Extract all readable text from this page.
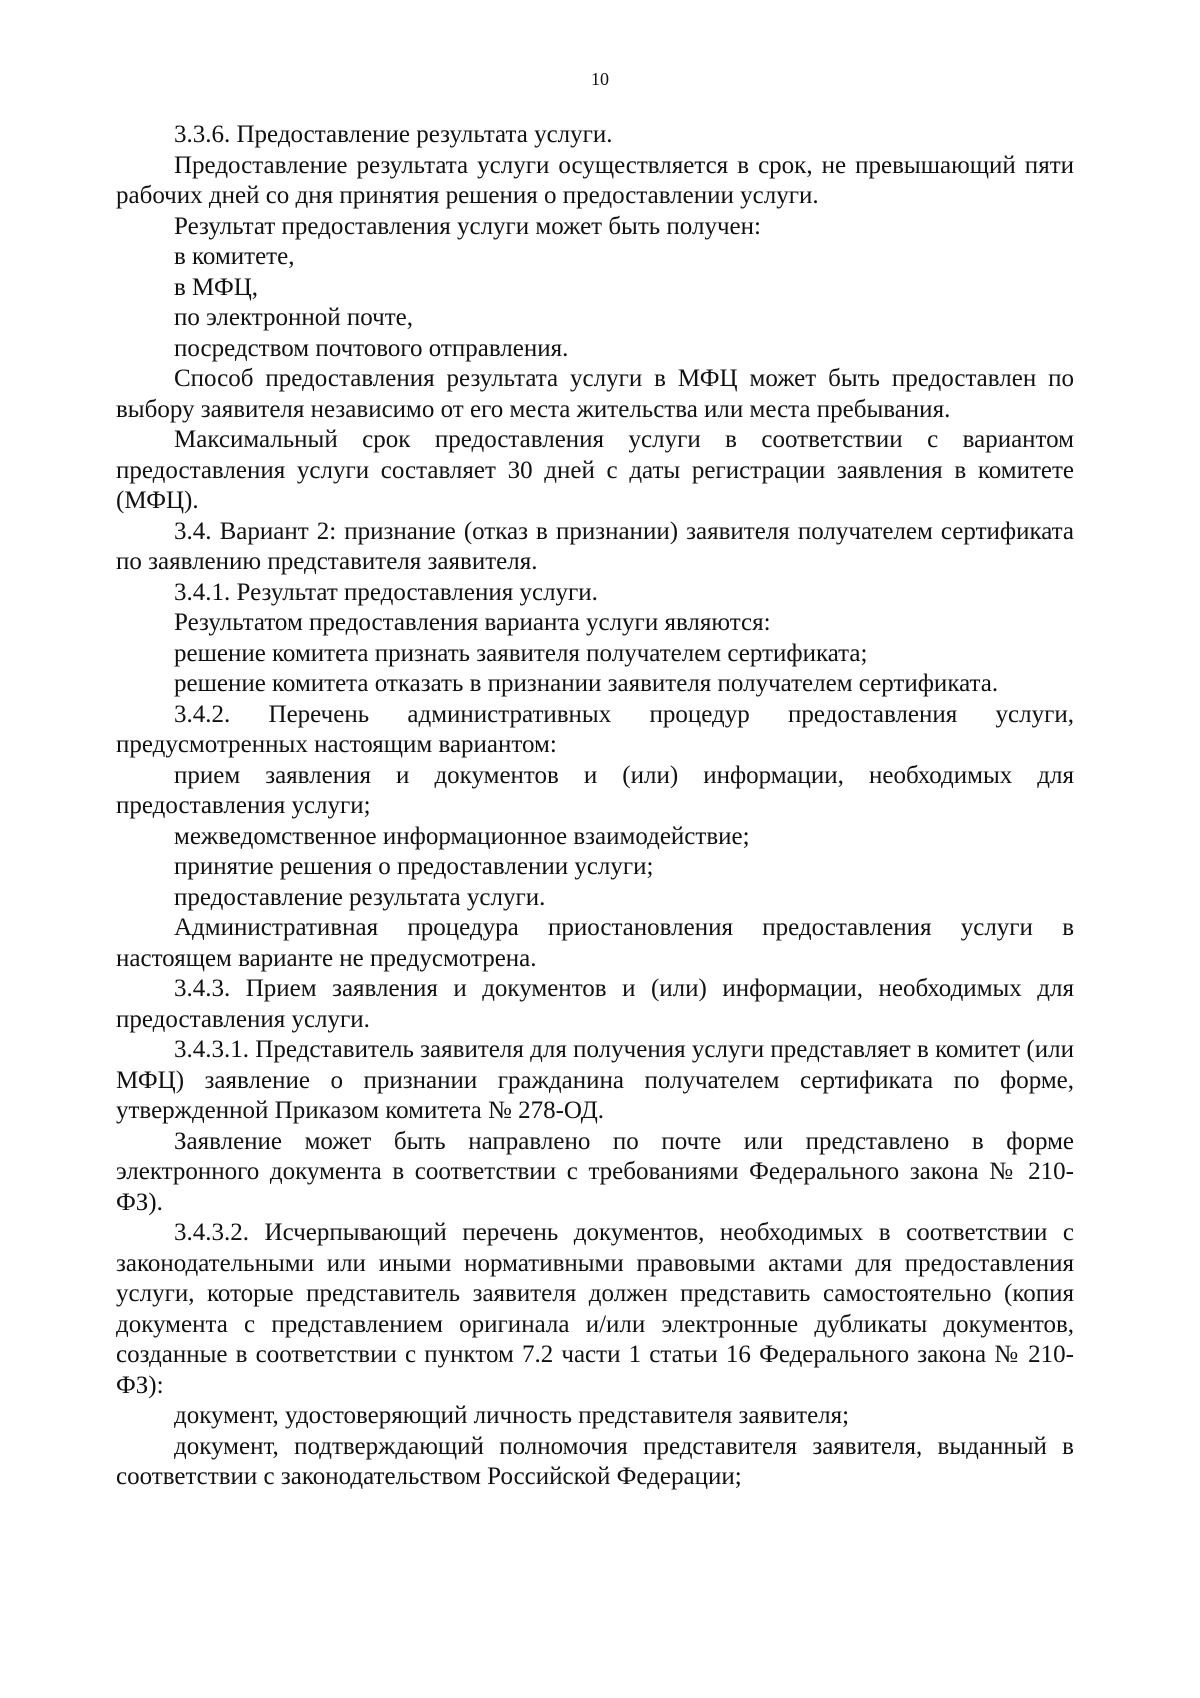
10

3.3.6. Предоставление результата услуги.

Предоставление результата услуги осуществляется в срок, не превышающий пяти рабочих дней со дня принятия решения о предоставлении услуги.

Результат предоставления услуги может быть получен:

в комитете,

в МФЦ,

по электронной почте,

посредством почтового отправления.

Способ предоставления результата услуги в МФЦ может быть предоставлен по выбору заявителя независимо от его места жительства или места пребывания.

Максимальный срок предоставления услуги в соответствии с вариантом предоставления услуги составляет 30 дней с даты регистрации заявления в комитете (МФЦ).

3.4. Вариант 2: признание (отказ в признании) заявителя получателем сертификата по заявлению представителя заявителя.

3.4.1. Результат предоставления услуги.

Результатом предоставления варианта услуги являются:

решение комитета признать заявителя получателем сертификата;

решение комитета отказать в признании заявителя получателем сертификата.

3.4.2. Перечень административных процедур предоставления услуги, предусмотренных настоящим вариантом:

прием заявления и документов и (или) информации, необходимых для предоставления услуги;

межведомственное информационное взаимодействие;

принятие решения о предоставлении услуги;

предоставление результата услуги.

Административная процедура приостановления предоставления услуги в настоящем варианте не предусмотрена.

3.4.3. Прием заявления и документов и (или) информации, необходимых для предоставления услуги.

3.4.3.1. Представитель заявителя для получения услуги представляет в комитет (или МФЦ) заявление о признании гражданина получателем сертификата по форме, утвержденной Приказом комитета № 278-ОД.

Заявление может быть направлено по почте или представлено в форме электронного документа в соответствии с требованиями Федерального закона № 210-ФЗ).

3.4.3.2. Исчерпывающий перечень документов, необходимых в соответствии с законодательными или иными нормативными правовыми актами для предоставления услуги, которые представитель заявителя должен представить самостоятельно (копия документа с представлением оригинала и/или электронные дубликаты документов, созданные в соответствии с пунктом 7.2 части 1 статьи 16 Федерального закона № 210-ФЗ):

документ, удостоверяющий личность представителя заявителя;

документ, подтверждающий полномочия представителя заявителя, выданный в соответствии с законодательством Российской Федерации;
